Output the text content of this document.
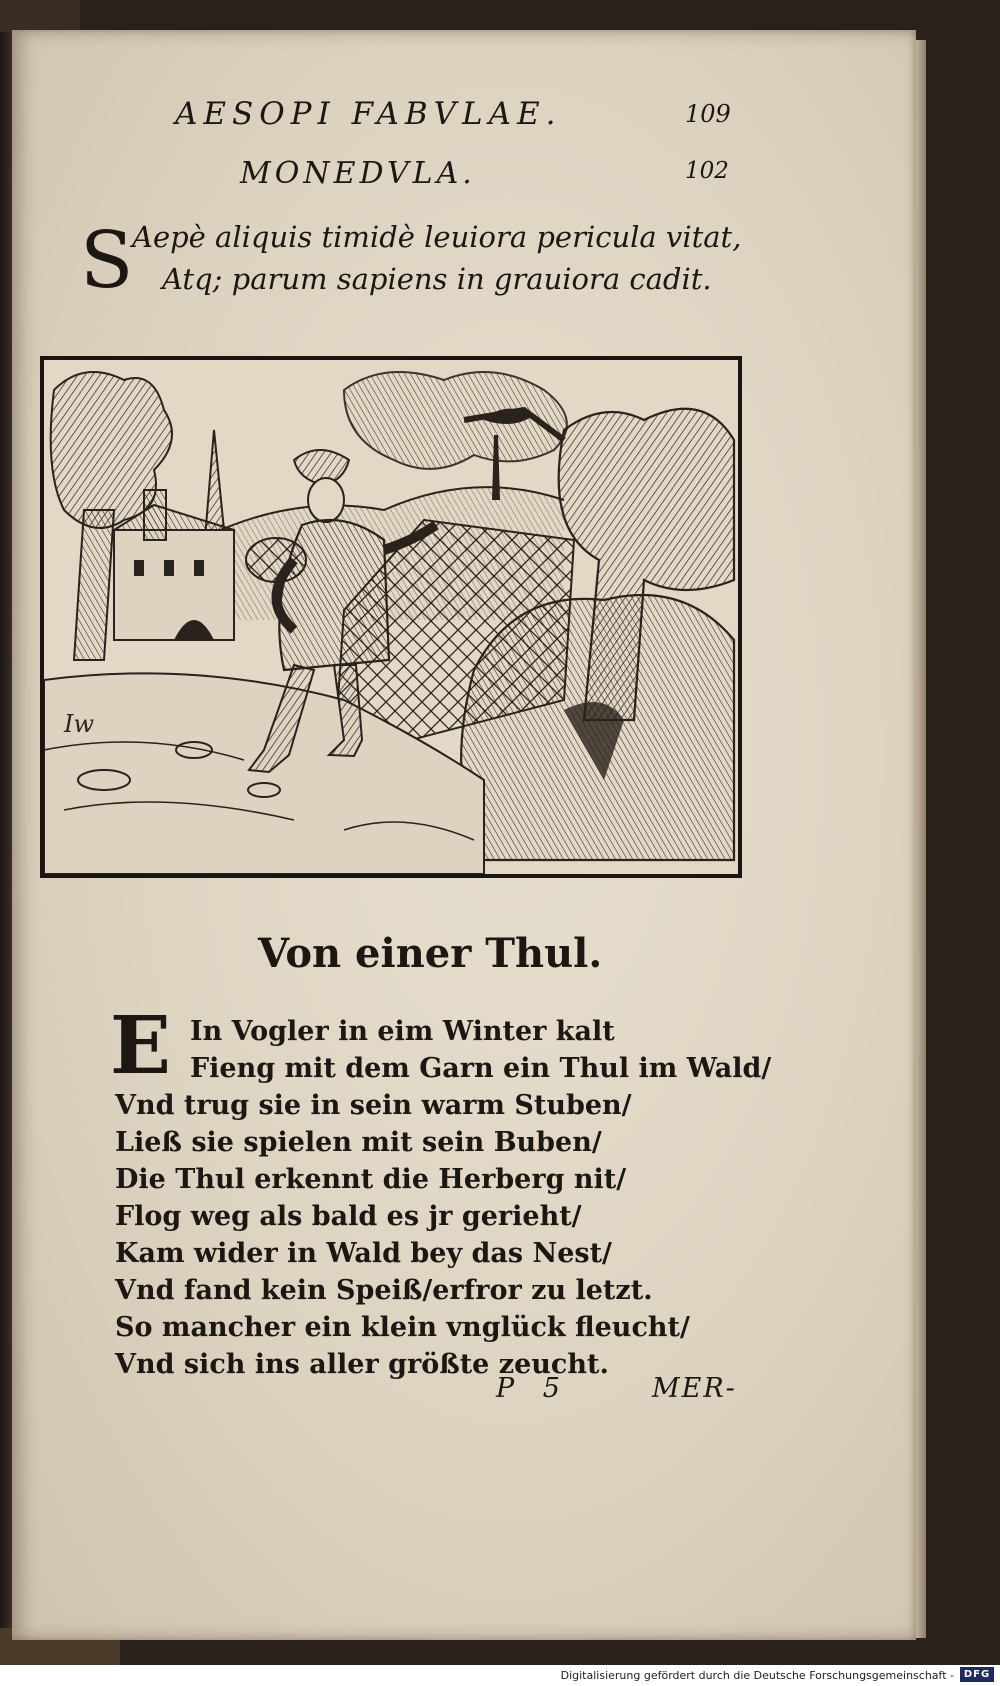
AESOPI FABVLAE.	109
MONEDVLA.	102
S
Aepè aliquis timidè leuiora pericula vitat,
Atq; parum sapiens in grauiora cadit.
Iw
Von einer Thul.
E In Vogler in eim Winter kalt
Fieng mit dem Garn ein Thul im Wald/
Vnd trug sie in sein warm Stuben/
Ließ sie spielen mit sein Buben/
Die Thul erkennt die Herberg nit/
Flog weg als bald es jr gerieht/
Kam wider in Wald bey das Nest/
Vnd fand kein Speiß/erfror zu letzt.
So mancher ein klein vnglück fleucht/
Vnd sich ins aller größte zeucht.
P 5	MER-
Digitalisierung gefördert durch die Deutsche Forschungsgemeinschaft - DFG
